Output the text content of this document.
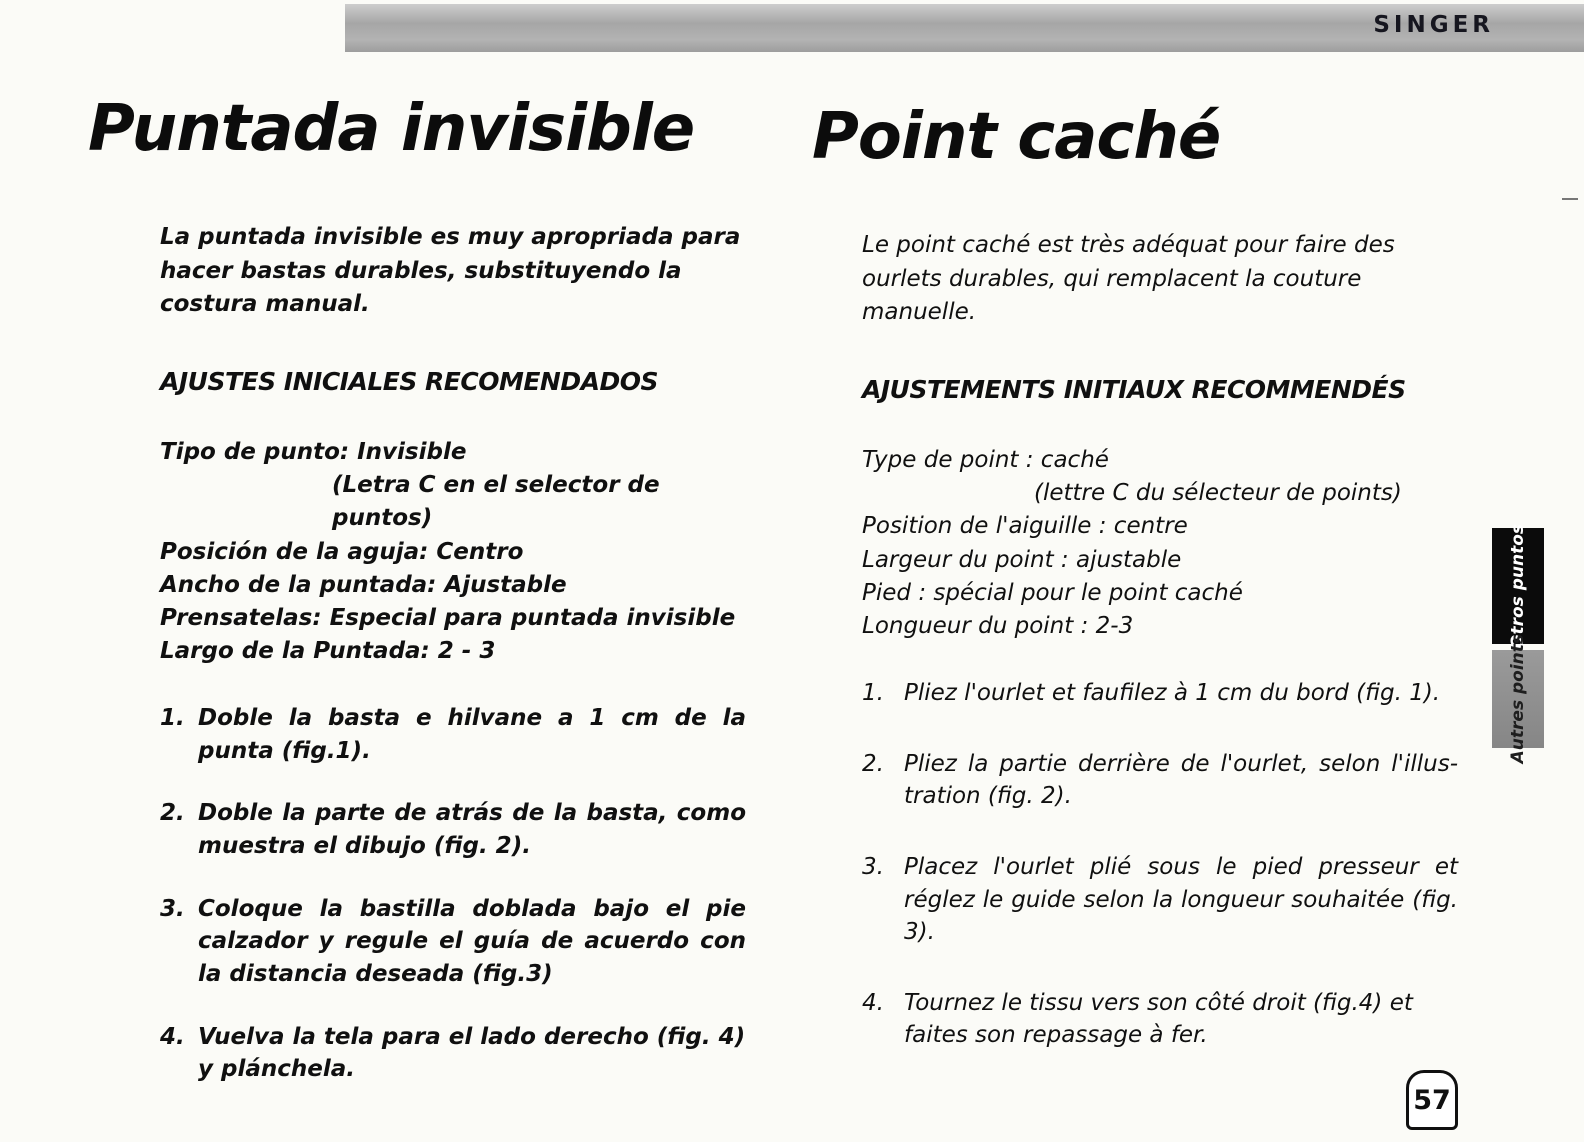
SINGER
Puntada invisible

La puntada invisible es muy apropriada para hacer bastas durables, substituyendo la costura manual.

AJUSTES INICIALES RECOMENDADOS

Tipo de punto: Invisible

(Letra C en el selector de puntos)

Posición de la aguja: Centro

Ancho de la puntada: Ajustable

Prensatelas: Especial para puntada invisible

Largo de la Puntada: 2 - 3

1. Doble la basta e hilvane a 1 cm de la punta (fig.1).
2. Doble la parte de atrás de la basta, como muestra el dibujo (fig. 2).
3. Coloque la bastilla doblada bajo el pie calzador y regule el guía de acuerdo con la distancia deseada (fig.3)
4. Vuelva la tela para el lado derecho (fig. 4) y plánchela.
Point caché

Le point caché est très adéquat pour faire des ourlets durables, qui remplacent la couture manuelle.

AJUSTEMENTS INITIAUX RECOMMENDÉS

Type de point : caché

(lettre C du sélecteur de points)

Position de l'aiguille : centre

Largeur du point : ajustable

Pied : spécial pour le point caché

Longueur du point : 2-3

1. Pliez l'ourlet et faufilez à 1 cm du bord (fig. 1).
2. Pliez la partie derrière de l'ourlet, selon l'illus-tration (fig. 2).
3. Placez l'ourlet plié sous le pied presseur et réglez le guide selon la longueur souhaitée (fig. 3).
4. Tournez le tissu vers son côté droit (fig.4) et faites son repassage à fer.
Otros puntos
Autres points
57
